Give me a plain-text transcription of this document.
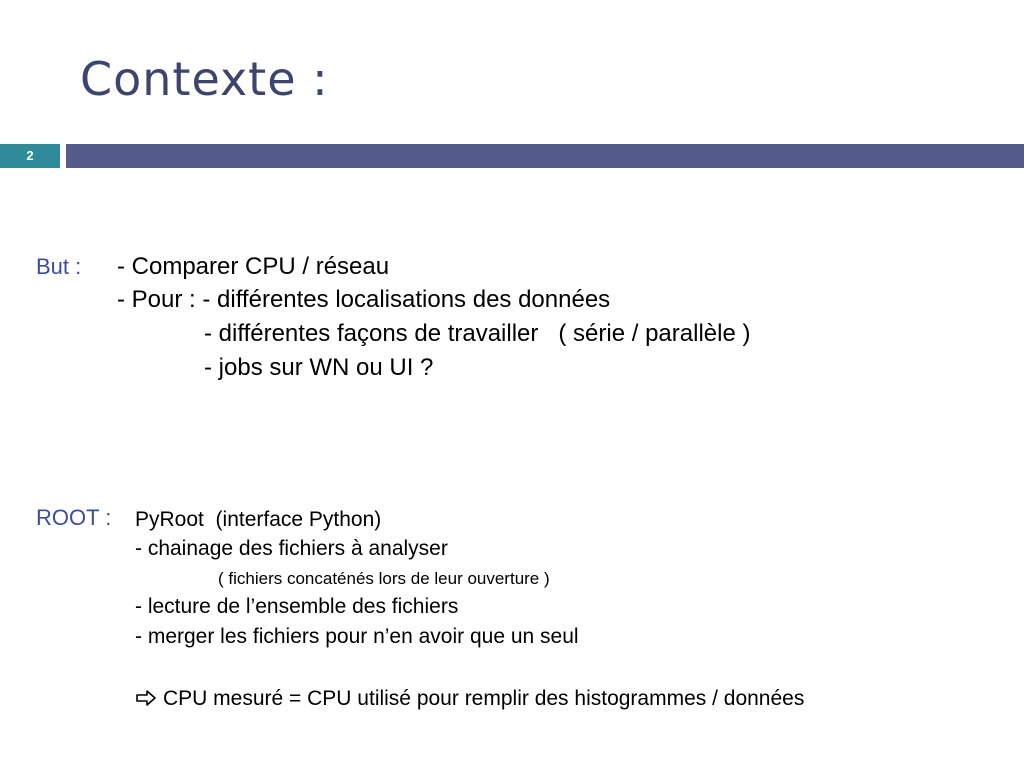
Contexte :
2
But : - Comparer CPU / réseau
- Pour : - différentes localisations des données
- différentes façons de travailler   ( série / parallèle )
- jobs sur WN ou UI ?
ROOT : PyRoot  (interface Python)
- chainage des fichiers à analyser
( fichiers concaténés lors de leur ouverture )
- lecture de l’ensemble des fichiers
- merger les fichiers pour n’en avoir que un seul
CPU mesuré = CPU utilisé pour remplir des histogrammes / données
